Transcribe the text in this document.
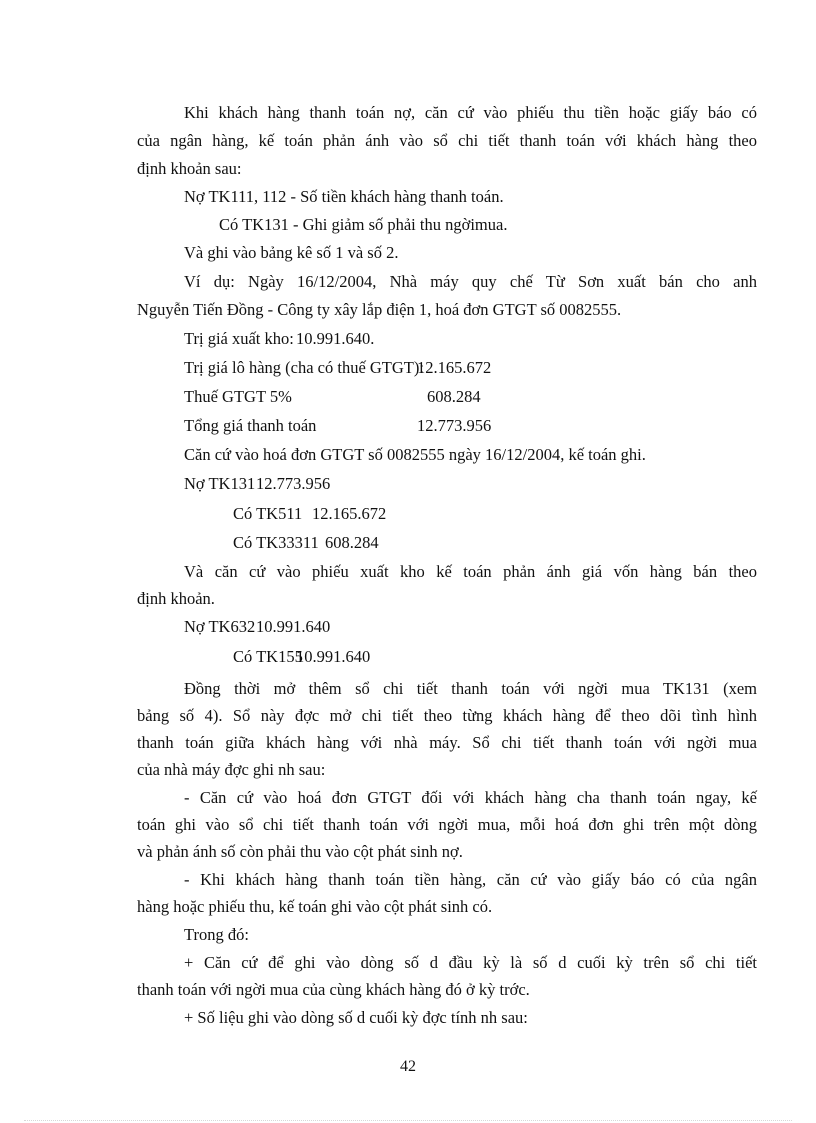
Khi khách hàng thanh toán nợ, căn cứ vào phiếu thu tiền hoặc giấy báo có
của ngân hàng, kế toán phản ánh vào sổ chi tiết thanh toán với khách hàng theo
định khoản sau:
Nợ TK111, 112 - Số tiền khách hàng thanh toán.
Có TK131 - Ghi giảm số phải thu ngờimua.
Và ghi vào bảng kê số 1 và số 2.
Ví dụ: Ngày 16/12/2004, Nhà máy quy chế Từ Sơn xuất bán cho anh
Nguyễn Tiến Đồng - Công ty xây lắp điện 1, hoá đơn GTGT số 0082555.
Trị giá xuất kho: 10.991.640.
Trị giá lô hàng (cha có thuế GTGT):
12.165.672
Thuế GTGT 5%	608.284
Tổng giá thanh toán	12.773.956
Căn cứ vào hoá đơn GTGT số 0082555 ngày 16/12/2004, kế toán ghi.
Nợ TK131 12.773.956
Có TK511 12.165.672
Có TK33311 608.284
Và căn cứ vào phiếu xuất kho kế toán phản ánh giá vốn hàng bán theo
định khoản.
Nợ TK632 10.991.640
Có TK155
10.991.640
Đồng thời mở thêm sổ chi tiết thanh toán với ngời mua TK131 (xem
bảng số 4). Sổ này đợc mở chi tiết theo từng khách hàng để theo dõi tình hình
thanh toán giữa khách hàng với nhà máy. Sổ chi tiết thanh toán với ngời mua
của nhà máy đợc ghi nh sau:
- Căn cứ vào hoá đơn GTGT đối với khách hàng cha thanh toán ngay, kế
toán ghi vào sổ chi tiết thanh toán với ngời mua, mỗi hoá đơn ghi trên một dòng
và phản ánh số còn phải thu vào cột phát sinh nợ.
- Khi khách hàng thanh toán tiền hàng, căn cứ vào giấy báo có của ngân
hàng hoặc phiếu thu, kế toán ghi vào cột phát sinh có.
Trong đó:
+ Căn cứ để ghi vào dòng số d đầu kỳ là số d cuối kỳ trên sổ chi tiết
thanh toán với ngời mua của cùng khách hàng đó ở kỳ trớc.
+ Số liệu ghi vào dòng số d cuối kỳ đợc tính nh sau:
42
